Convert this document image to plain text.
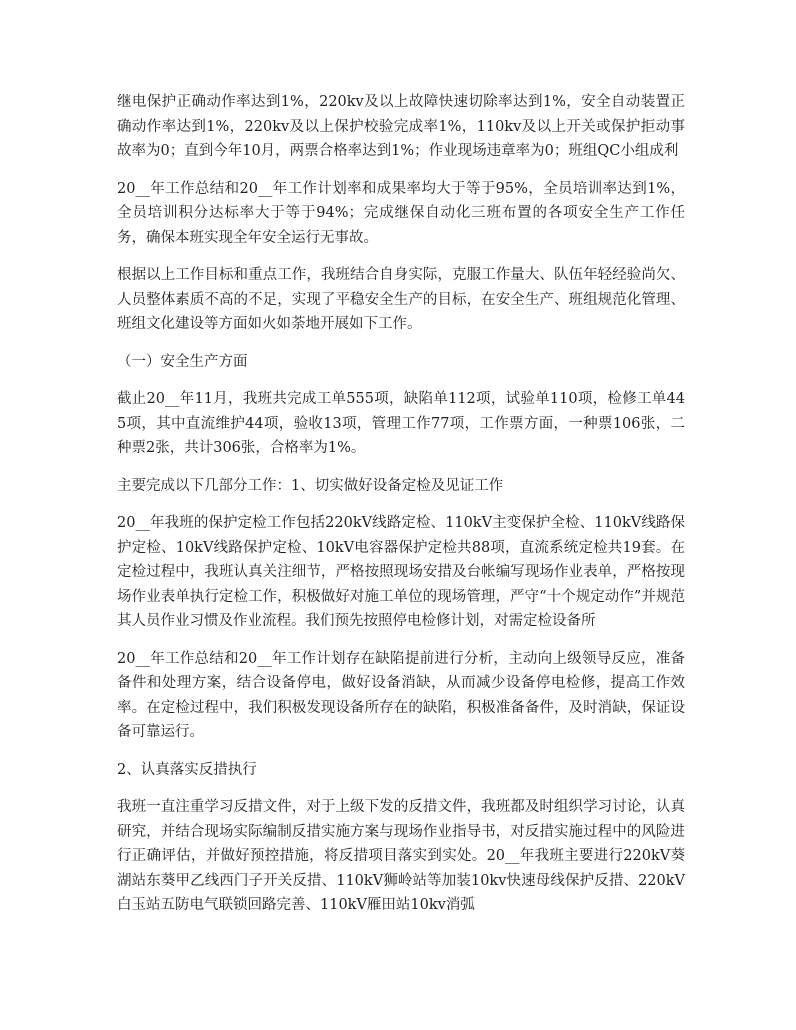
继电保护正确动作率达到1%，220kv及以上故障快速切除率达到1%，安全自动装置正确动作率达到1%，220kv及以上保护校验完成率1%，110kv及以上开关或保护拒动事故率为0；直到今年10月，两票合格率达到1%；作业现场违章率为0；班组QC小组成利

20__年工作总结和20__年工作计划率和成果率均大于等于95%，全员培训率达到1%，全员培训积分达标率大于等于94%；完成继保自动化三班布置的各项安全生产工作任务，确保本班实现全年安全运行无事故。

根据以上工作目标和重点工作，我班结合自身实际，克服工作量大、队伍年轻经验尚欠、人员整体素质不高的不足，实现了平稳安全生产的目标，在安全生产、班组规范化管理、班组文化建设等方面如火如荼地开展如下工作。

（一）安全生产方面

截止20__年11月，我班共完成工单555项，缺陷单112项，试验单110项，检修工单445项，其中直流维护44项，验收13项，管理工作77项，工作票方面，一种票106张，二种票2张，共计306张，合格率为1%。

主要完成以下几部分工作：1、切实做好设备定检及见证工作

20__年我班的保护定检工作包括220kV线路定检、110kV主变保护全检、110kV线路保护定检、10kV线路保护定检、10kV电容器保护定检共88项，直流系统定检共19套。在定检过程中，我班认真关注细节，严格按照现场安措及台帐编写现场作业表单，严格按现场作业表单执行定检工作，积极做好对施工单位的现场管理，严守“十个规定动作”并规范其人员作业习惯及作业流程。我们预先按照停电检修计划，对需定检设备所

20__年工作总结和20__年工作计划存在缺陷提前进行分析，主动向上级领导反应，准备备件和处理方案，结合设备停电，做好设备消缺，从而减少设备停电检修，提高工作效率。在定检过程中，我们积极发现设备所存在的缺陷，积极准备备件，及时消缺，保证设备可靠运行。

2、认真落实反措执行

我班一直注重学习反措文件，对于上级下发的反措文件，我班都及时组织学习讨论，认真研究，并结合现场实际编制反措实施方案与现场作业指导书，对反措实施过程中的风险进行正确评估，并做好预控措施，将反措项目落实到实处。20__年我班主要进行220kV葵湖站东葵甲乙线西门子开关反措、110kV狮岭站等加装10kv快速母线保护反措、220kV白玉站五防电气联锁回路完善、110kV雁田站10kv消弧
